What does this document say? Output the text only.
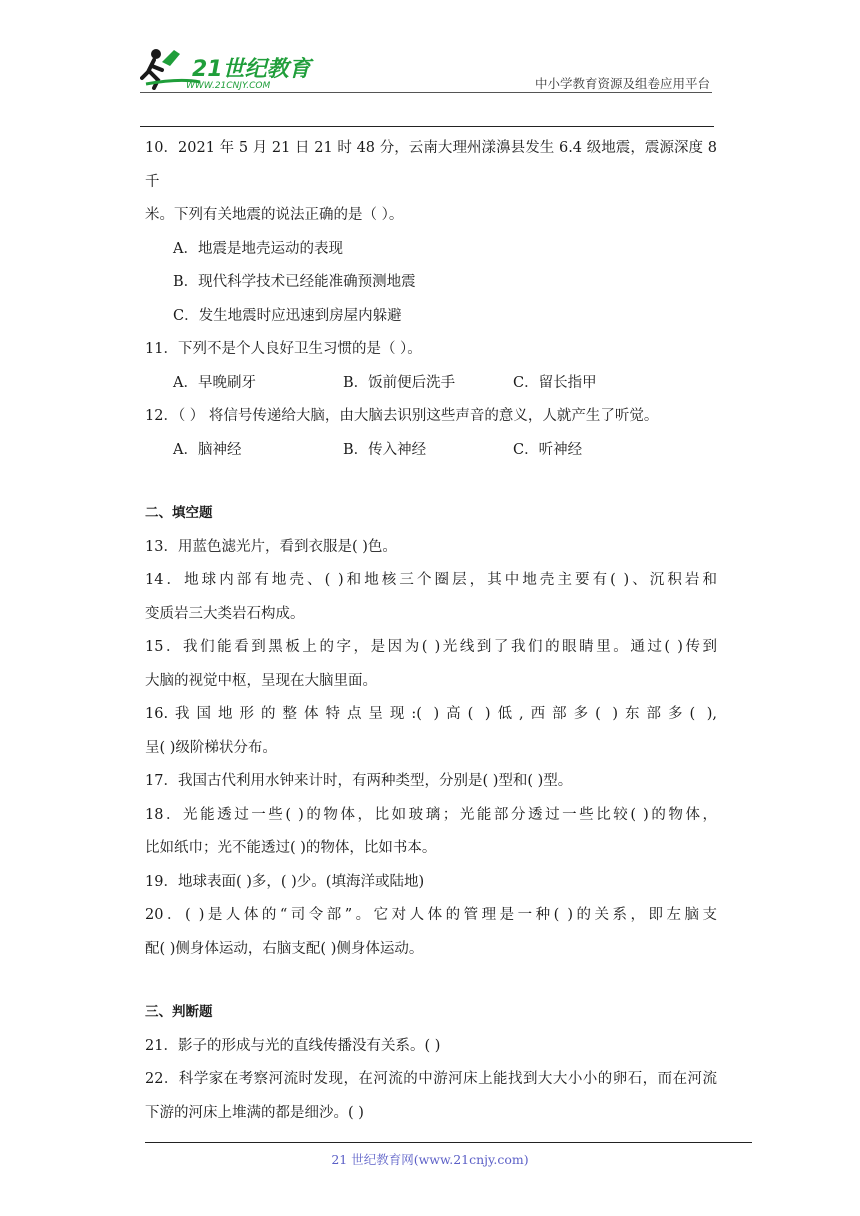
21世纪教育
WWW.21CNJY.COM	中小学教育资源及组卷应用平台

10．2021 年 5 月 21 日 21 时 48 分，云南大理州漾濞县发生 6.4 级地震，震源深度 8 千

米。下列有关地震的说法正确的是（ ）。

A．地震是地壳运动的表现

B．现代科学技术已经能准确预测地震

C．发生地震时应迅速到房屋内躲避

11．下列不是个人良好卫生习惯的是（ ）。

A．早晚刷牙	B．饭前便后洗手	C．留长指甲

12．（ ） 将信号传递给大脑，由大脑去识别这些声音的意义，人就产生了听觉。

A．脑神经	B．传入神经	C．听神经

二、填空题

13．用蓝色滤光片，看到衣服是( )色。

14．地球内部有地壳、( )和地核三个圈层，其中地壳主要有( )、沉积岩和

变质岩三大类岩石构成。

15．我们能看到黑板上的字，是因为( )光线到了我们的眼睛里。通过( )传到

大脑的视觉中枢，呈现在大脑里面。

16.我国地形的整体特点呈现:( )高( )低,西部多( )东部多( ),

呈( )级阶梯状分布。

17．我国古代利用水钟来计时，有两种类型，分别是( )型和( )型。

18．光能透过一些( )的物体，比如玻璃；光能部分透过一些比较( )的物体，

比如纸巾；光不能透过( )的物体，比如书本。

19．地球表面( )多，( )少。(填海洋或陆地)

20．( )是人体的“司令部”。它对人体的管理是一种( )的关系，即左脑支

配( )侧身体运动，右脑支配( )侧身体运动。

三、判断题

21．影子的形成与光的直线传播没有关系。( )

22．科学家在考察河流时发现，在河流的中游河床上能找到大大小小的卵石，而在河流

下游的河床上堆满的都是细沙。( )

21 世纪教育网(www.21cnjy.com)
